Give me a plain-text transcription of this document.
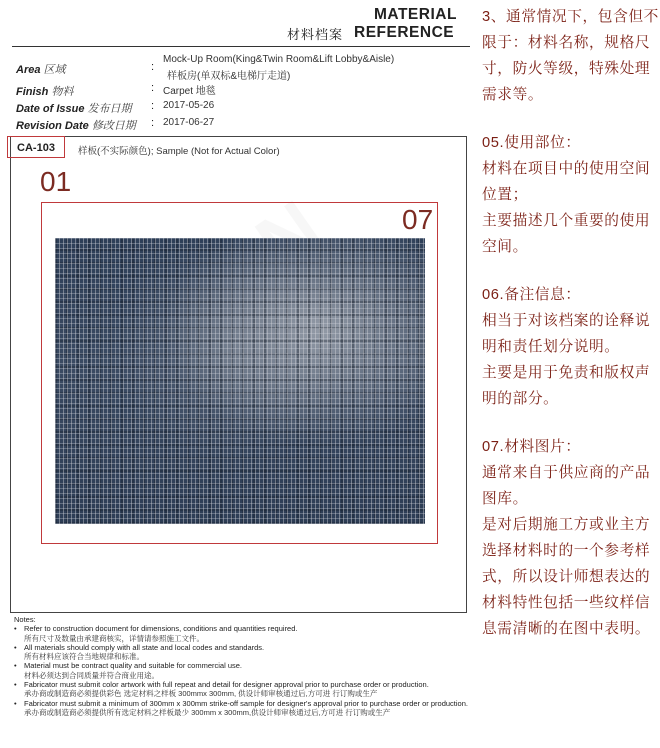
MATERIAL
材料档案 REFERENCE
Area 区域	:
Mock-Up Room(King&Twin Room&Lift Lobby&Aisle)
样板房(单双标&电梯厅走道)
Finish 物料	: Carpet 地毯
Date of Issue 发布日期 : 2017-05-26
Revision Date 修改日期 : 2017-06-27
CA-103	样板(不实际颜色); Sample (Not for Actual Color)
01
07
Notes:
• Refer to construction document for dimensions, conditions and quantities required.
所有尺寸及数量由承建商核实，详情请参照施工文件。
• All materials should comply with all state and local codes and standards.
所有材料应该符合当地规律和标准。
• Material must be contract quality and suitable for commercial use.
材料必须达到合同质量并符合商业用途。
• Fabricator must submit color artwork with full repeat and detail for designer approval prior to purchase order or production.
承办商或制造商必须提供彩色 选定材料之样板 300mmx 300mm, 供设计师审核通过后,方可进 行订购或生产
• Fabricator must submit a minimum of 300mm x 300mm strike-off sample for designer's approval prior to purchase order or production.
承办商或制造商必须提供所有选定材料之样板最少 300mm x 300mm,供设计师审核通过后,方可进 行订购或生产

3、通常情况下，包含但不

限于：材料名称，规格尺

寸，防火等级，特殊处理

需求等。

05.使用部位：

材料在项目中的使用空间

位置；

主要描述几个重要的使用

空间。

06.备注信息：

相当于对该档案的诠释说

明和责任划分说明。

主要是用于免责和版权声

明的部分。

07.材料图片：

通常来自于供应商的产品

图库。

是对后期施工方或业主方

选择材料时的一个参考样

式，所以设计师想表达的

材料特性包括一些纹样信

息需清晰的在图中表明。
